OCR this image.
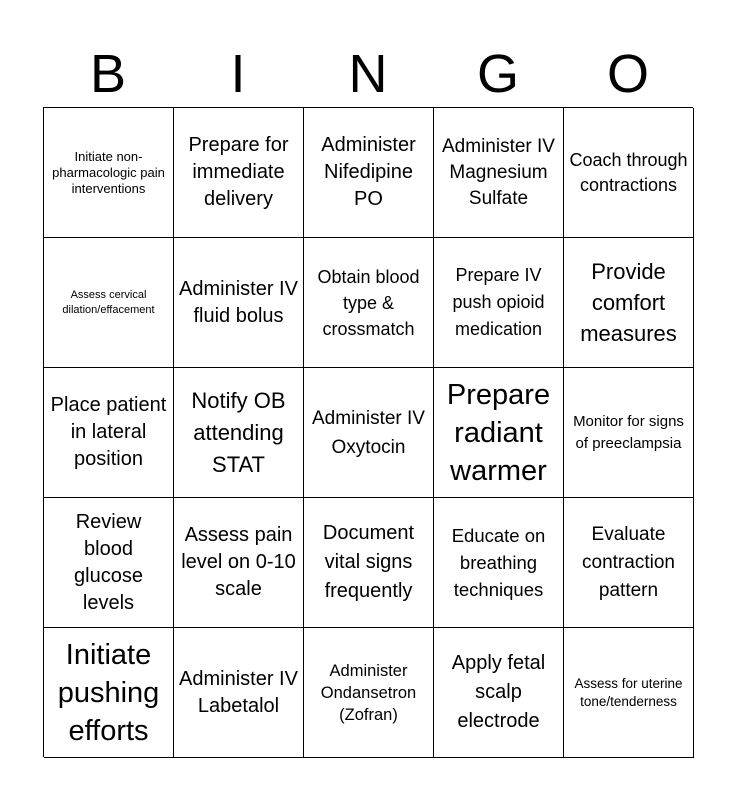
B	I	N	G	O
Initiate non-pharmacologic pain interventions
Prepare for immediate delivery
Administer Nifedipine PO
Administer IV Magnesium Sulfate
Coach through contractions
Assess cervical dilation/effacement
Administer IV fluid bolus
Obtain blood type & crossmatch
Prepare IV push opioid medication
Provide comfort measures
Place patient in lateral position
Notify OB attending STAT
Administer IV Oxytocin
Prepare radiant warmer
Monitor for signs of preeclampsia
Review blood glucose levels
Assess pain level on 0-10 scale
Document vital signs frequently
Educate on breathing techniques
Evaluate contraction pattern
Initiate pushing efforts
Administer IV Labetalol
Administer Ondansetron (Zofran)
Apply fetal scalp electrode
Assess for uterine tone/tenderness
